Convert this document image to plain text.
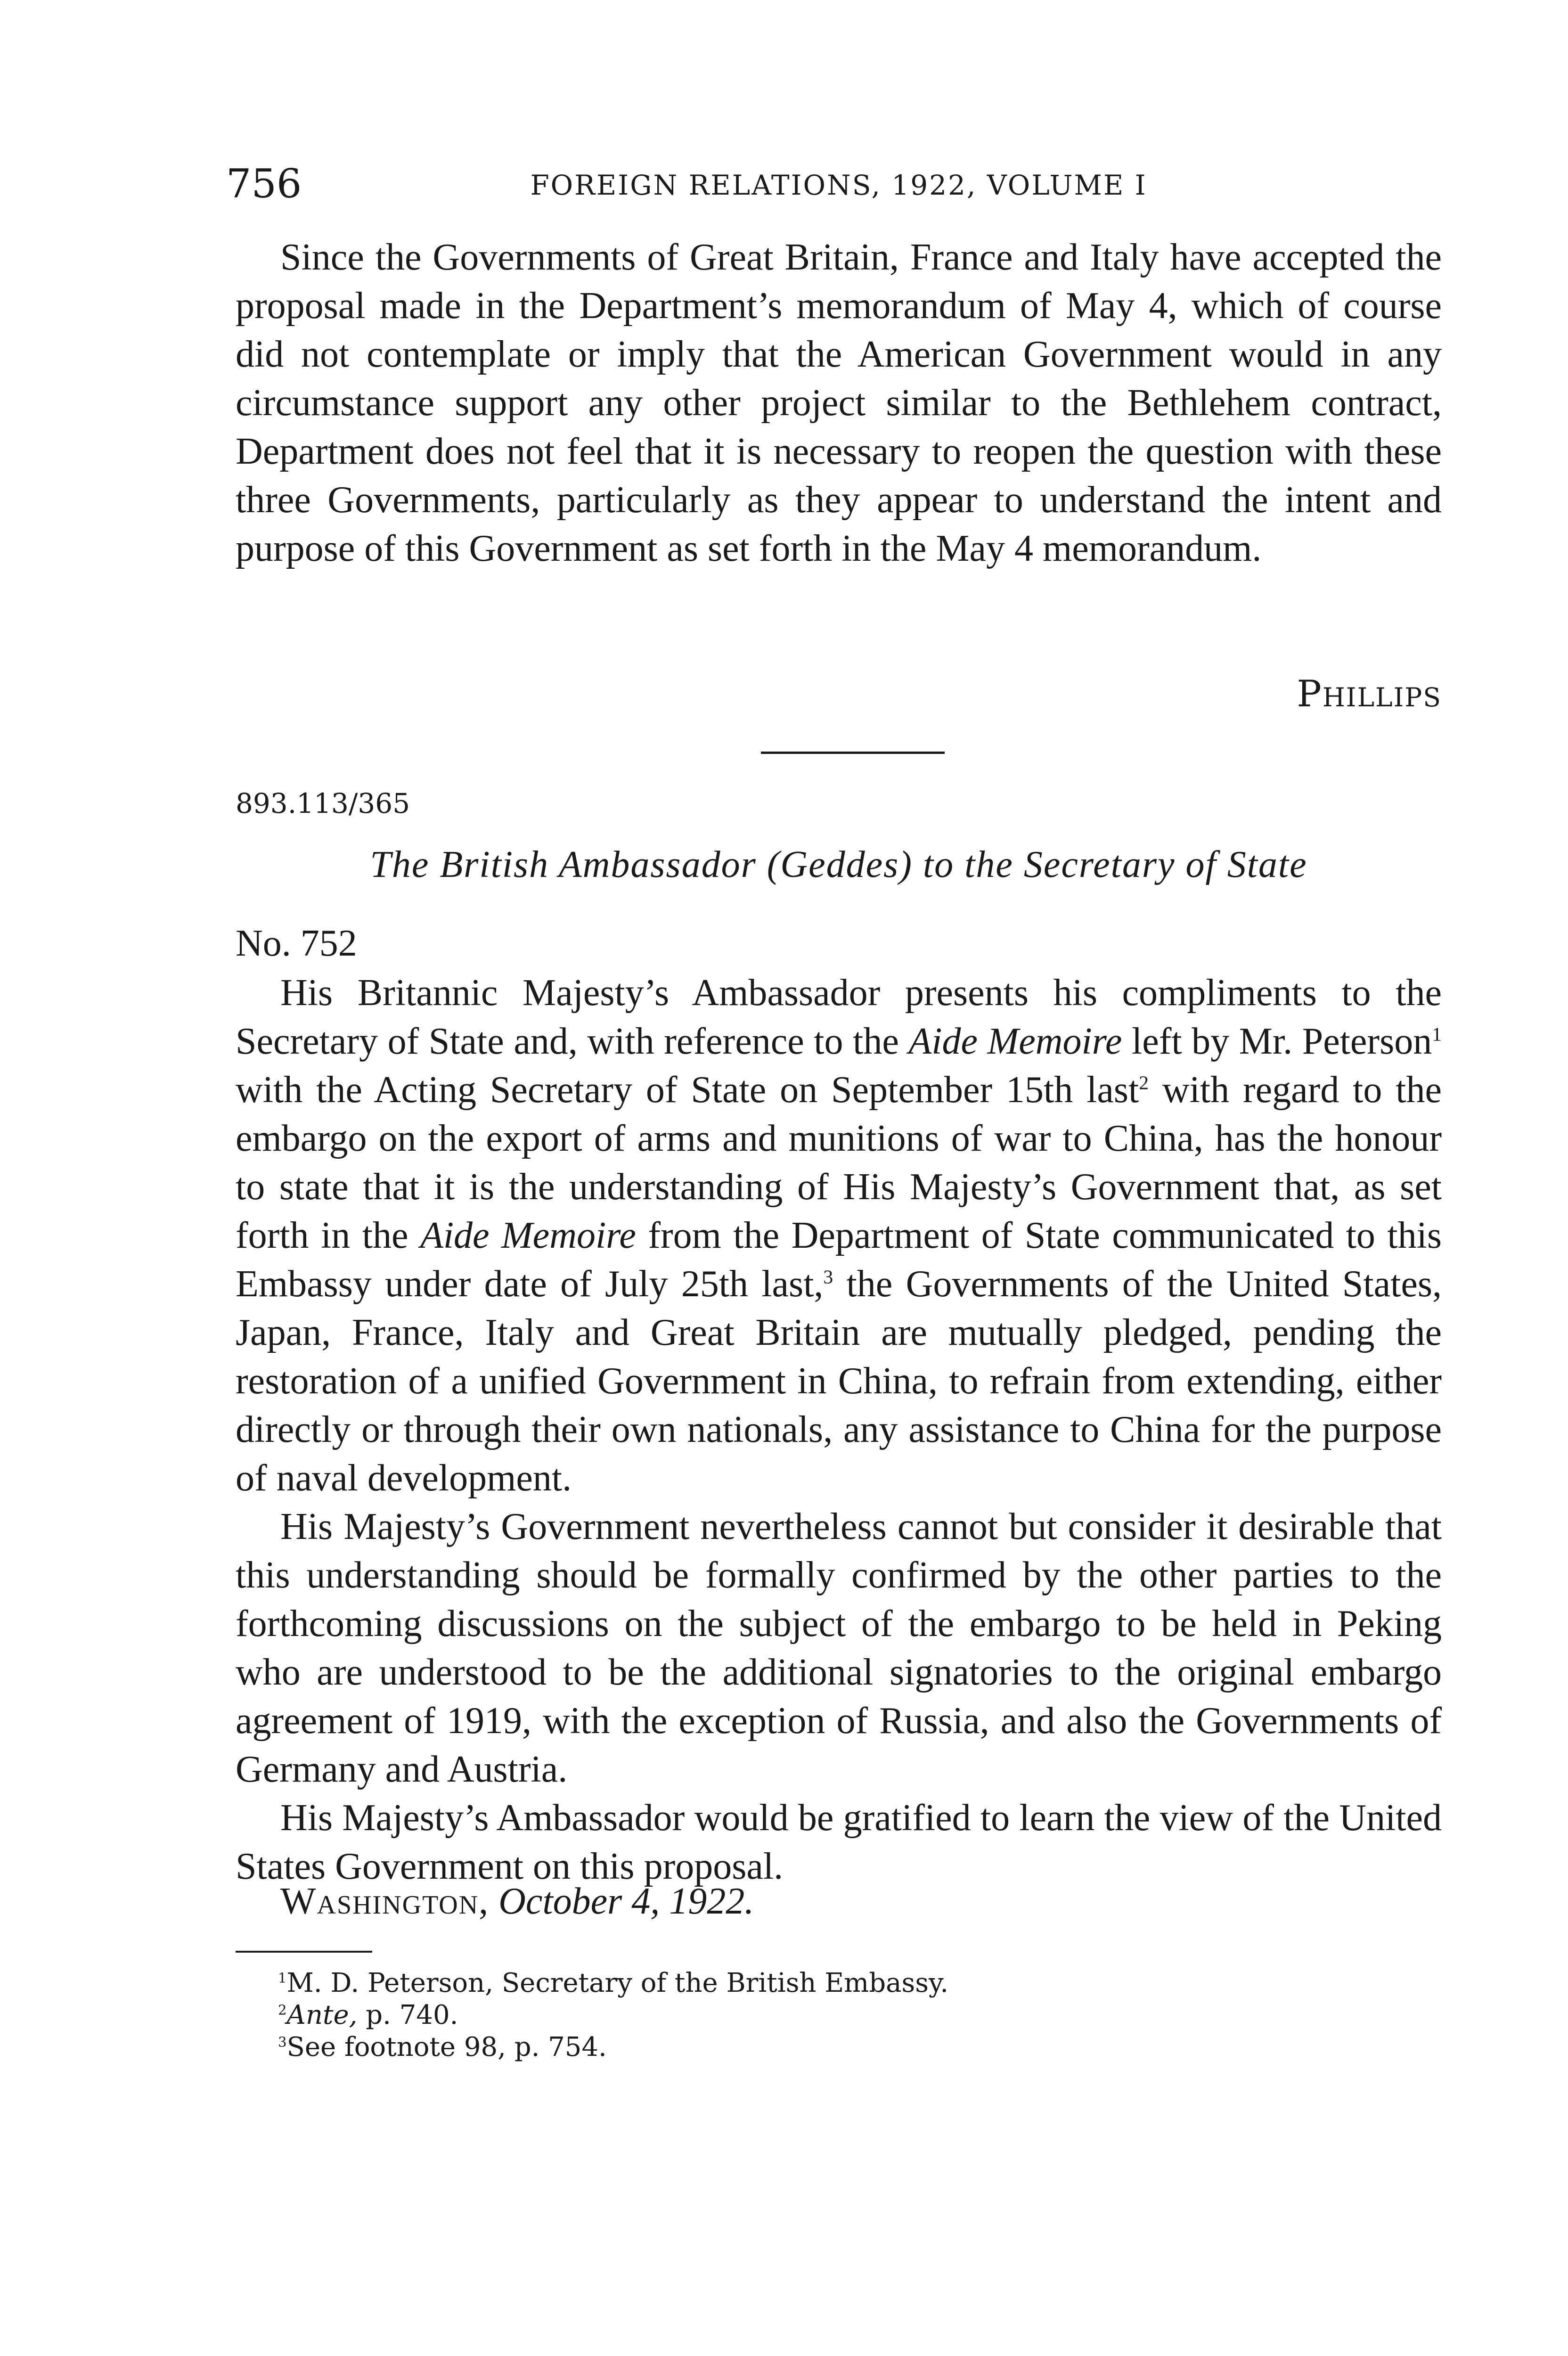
756	FOREIGN RELATIONS, 1922, VOLUME I

Since the Governments of Great Britain, France and Italy have accepted the proposal made in the Department’s memorandum of May 4, which of course did not contemplate or imply that the American Government would in any circumstance support any other project similar to the Bethlehem contract, Department does not feel that it is necessary to reopen the question with these three Governments, particularly as they appear to understand the intent and purpose of this Government as set forth in the May 4 memorandum.

Phillips
893.113/365
The British Ambassador (Geddes) to the Secretary of State
No. 752

His Britannic Majesty’s Ambassador presents his compliments to the Secretary of State and, with reference to the Aide Memoire left by Mr. Peterson$^1$ with the Acting Secretary of State on September 15th last$^2$ with regard to the embargo on the export of arms and munitions of war to China, has the honour to state that it is the understanding of His Majesty’s Government that, as set forth in the Aide Memoire from the Department of State communicated to this Embassy under date of July 25th last,$^3$ the Governments of the United States, Japan, France, Italy and Great Britain are mutually pledged, pending the restoration of a unified Government in China, to refrain from extending, either directly or through their own nationals, any assistance to China for the purpose of naval development.

His Majesty’s Government nevertheless cannot but consider it desirable that this understanding should be formally confirmed by the other parties to the forthcoming discussions on the subject of the embargo to be held in Peking who are understood to be the additional signatories to the original embargo agreement of 1919, with the exception of Russia, and also the Governments of Germany and Austria.

His Majesty’s Ambassador would be gratified to learn the view of the United States Government on this proposal.

Washington, October 4, 1922.

$^1$M. D. Peterson, Secretary of the British Embassy.

$^2$Ante, p. 740.

$^3$See footnote 98, p. 754.
